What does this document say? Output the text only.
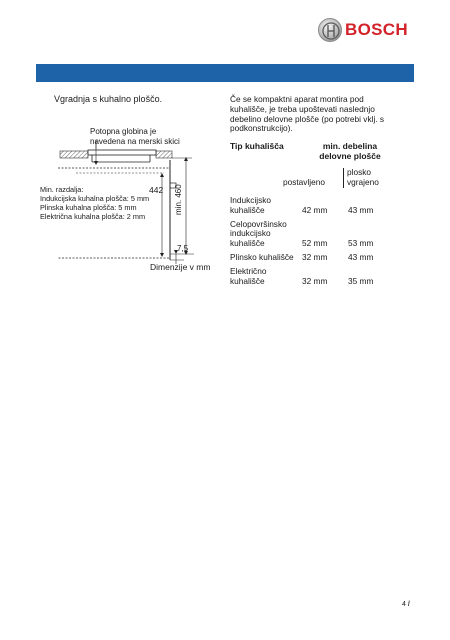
BOSCH
Vgradnja s kuhalno ploščo.
Potopna globina je
navedena na merski skici
442 min. 460
7,5
Min. razdalja:
Indukcijska kuhalna plošča: 5 mm
Plinska kuhalna plošča: 5 mm
Električna kuhalna plošča: 2 mm
Dimenzije v mm
Če se kompaktni aparat montira pod
kuhališče, je treba upoštevati naslednjo
debelino delovne plošče (po potrebi vklj. s
podkonstrukcijo).
Tip kuhališča	min. debelina
delovne plošče
postavljeno
plosko
vgrajeno
Indukcijsko
kuhališče	42 mm 43 mm
Celopovršinsko
indukcijsko
kuhališče	52 mm 53 mm
Plinsko kuhališče	32 mm 43 mm
Električno
kuhališče	32 mm 35 mm
4 /
